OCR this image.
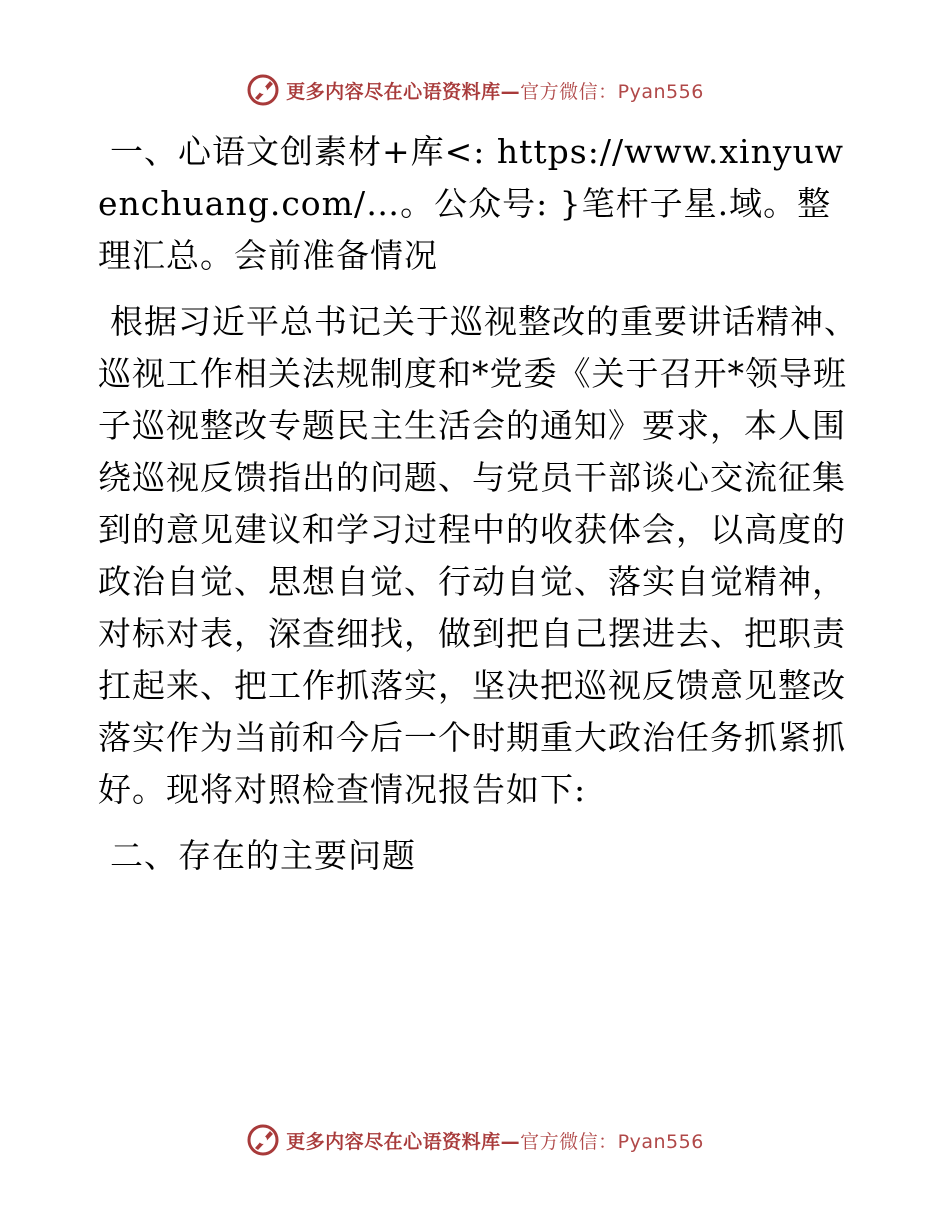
更多内容尽在心语资料库—官方微信：Pyan556

一、心语文创素材+库<: https://www.xinyuwenchuang.com/…。公众号: }笔杆子星.域。整理汇总。会前准备情况

根据习近平总书记关于巡视整改的重要讲话精神、巡视工作相关法规制度和*党委《关于召开*领导班子巡视整改专题民主生活会的通知》要求，本人围绕巡视反馈指出的问题、与党员干部谈心交流征集到的意见建议和学习过程中的收获体会，以高度的政治自觉、思想自觉、行动自觉、落实自觉精神，对标对表，深查细找，做到把自己摆进去、把职责扛起来、把工作抓落实，坚决把巡视反馈意见整改落实作为当前和今后一个时期重大政治任务抓紧抓好。现将对照检查情况报告如下:

二、存在的主要问题

更多内容尽在心语资料库—官方微信：Pyan556
